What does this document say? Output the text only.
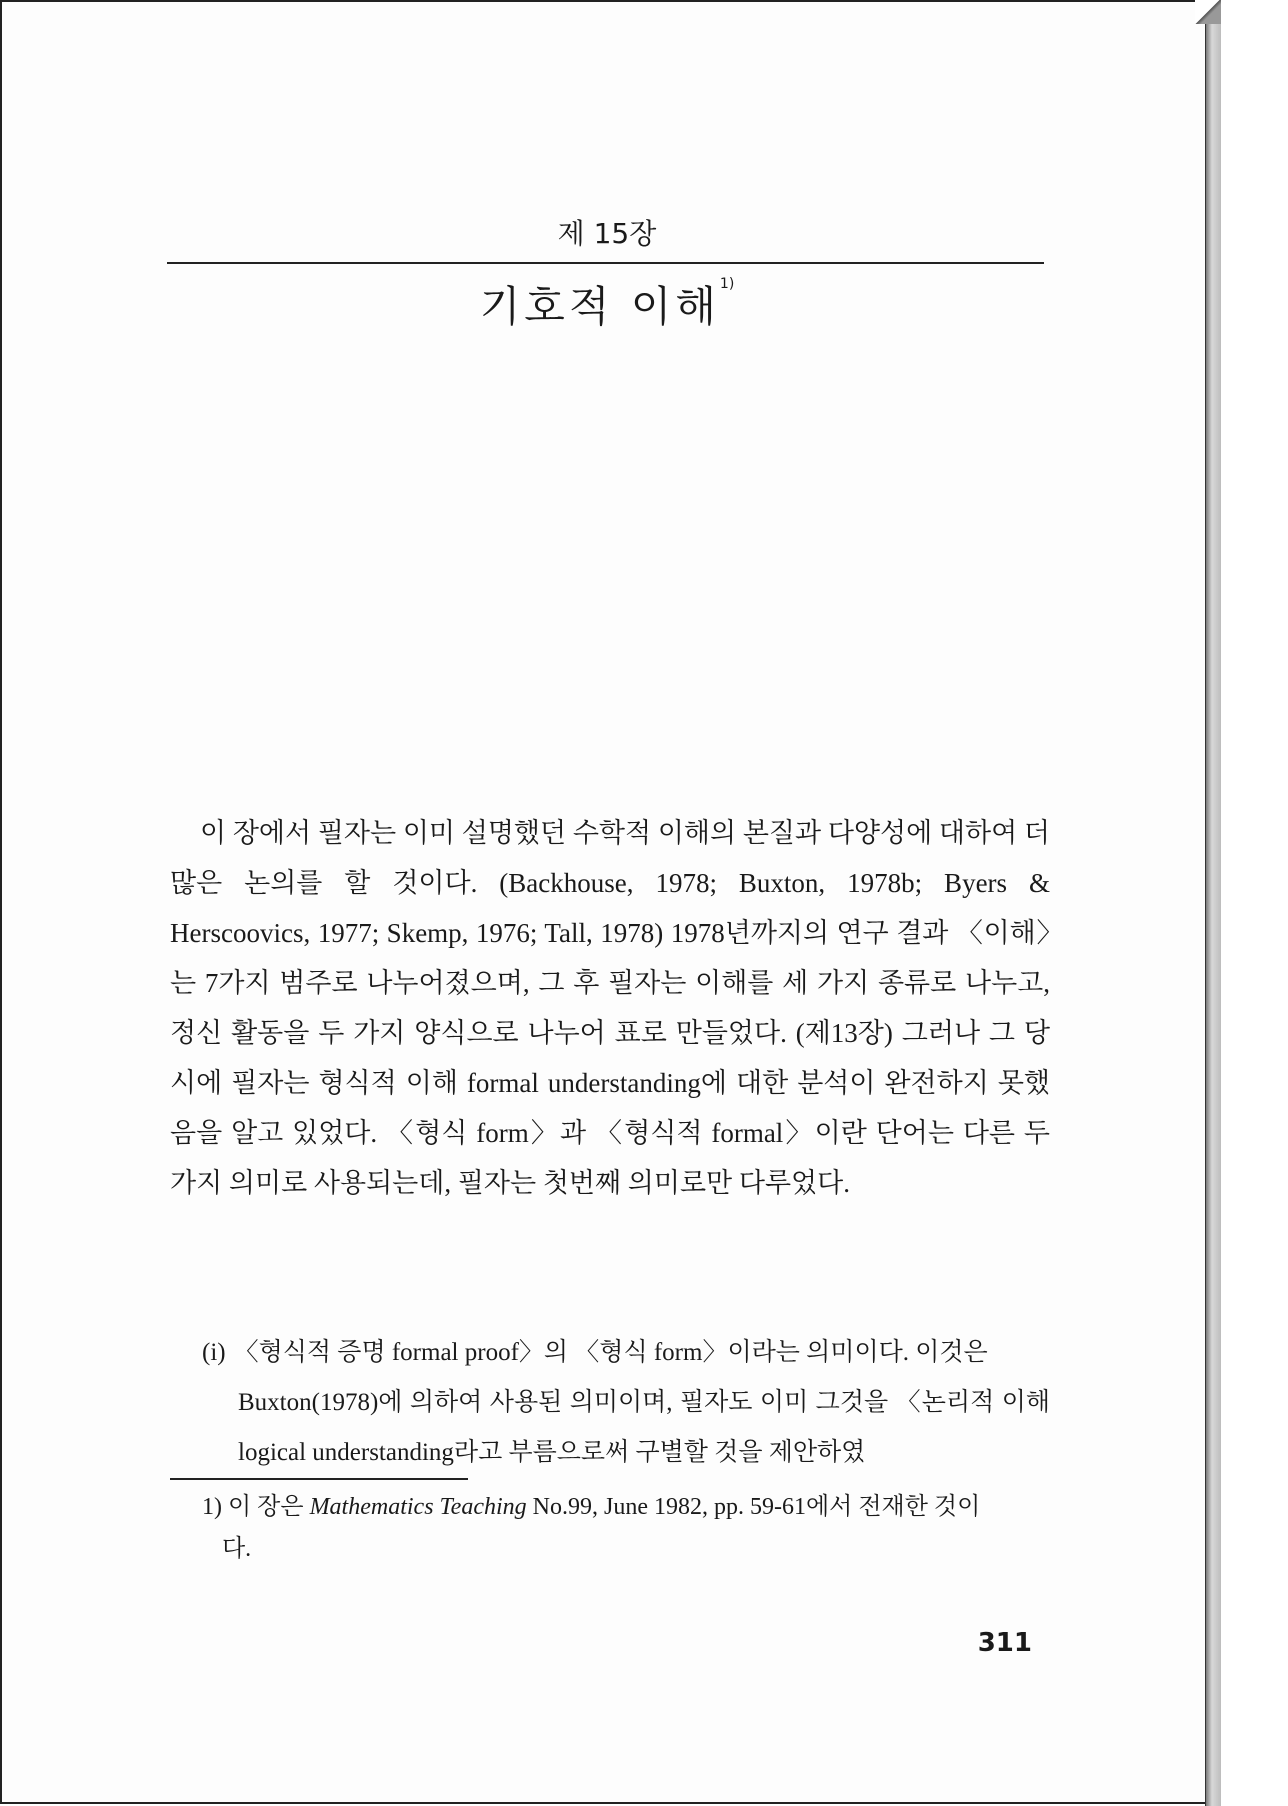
제 15장
기호적 이해$^{1)}$

이 장에서 필자는 이미 설명했던 수학적 이해의 본질과 다양성에 대하여 더 많은 논의를 할 것이다. (Backhouse, 1978; Buxton, 1978b; Byers & Herscoovics, 1977; Skemp, 1976; Tall, 1978) 1978년까지의 연구 결과 〈이해〉는 7가지 범주로 나누어졌으며, 그 후 필자는 이해를 세 가지 종류로 나누고, 정신 활동을 두 가지 양식으로 나누어 표로 만들었다. (제13장) 그러나 그 당시에 필자는 형식적 이해 formal understanding에 대한 분석이 완전하지 못했음을 알고 있었다. 〈형식 form〉과 〈형식적 formal〉이란 단어는 다른 두 가지 의미로 사용되는데, 필자는 첫번째 의미로만 다루었다.

(i) 〈형식적 증명 formal proof〉의 〈형식 form〉이라는 의미이다. 이것은
Buxton(1978)에 의하여 사용된 의미이며, 필자도 이미 그것을 〈논리적 이해 logical understanding라고 부름으로써 구별할 것을 제안하였
1) 이 장은 Mathematics Teaching No.99, June 1982, pp. 59-61에서 전재한 것이
다.
311
